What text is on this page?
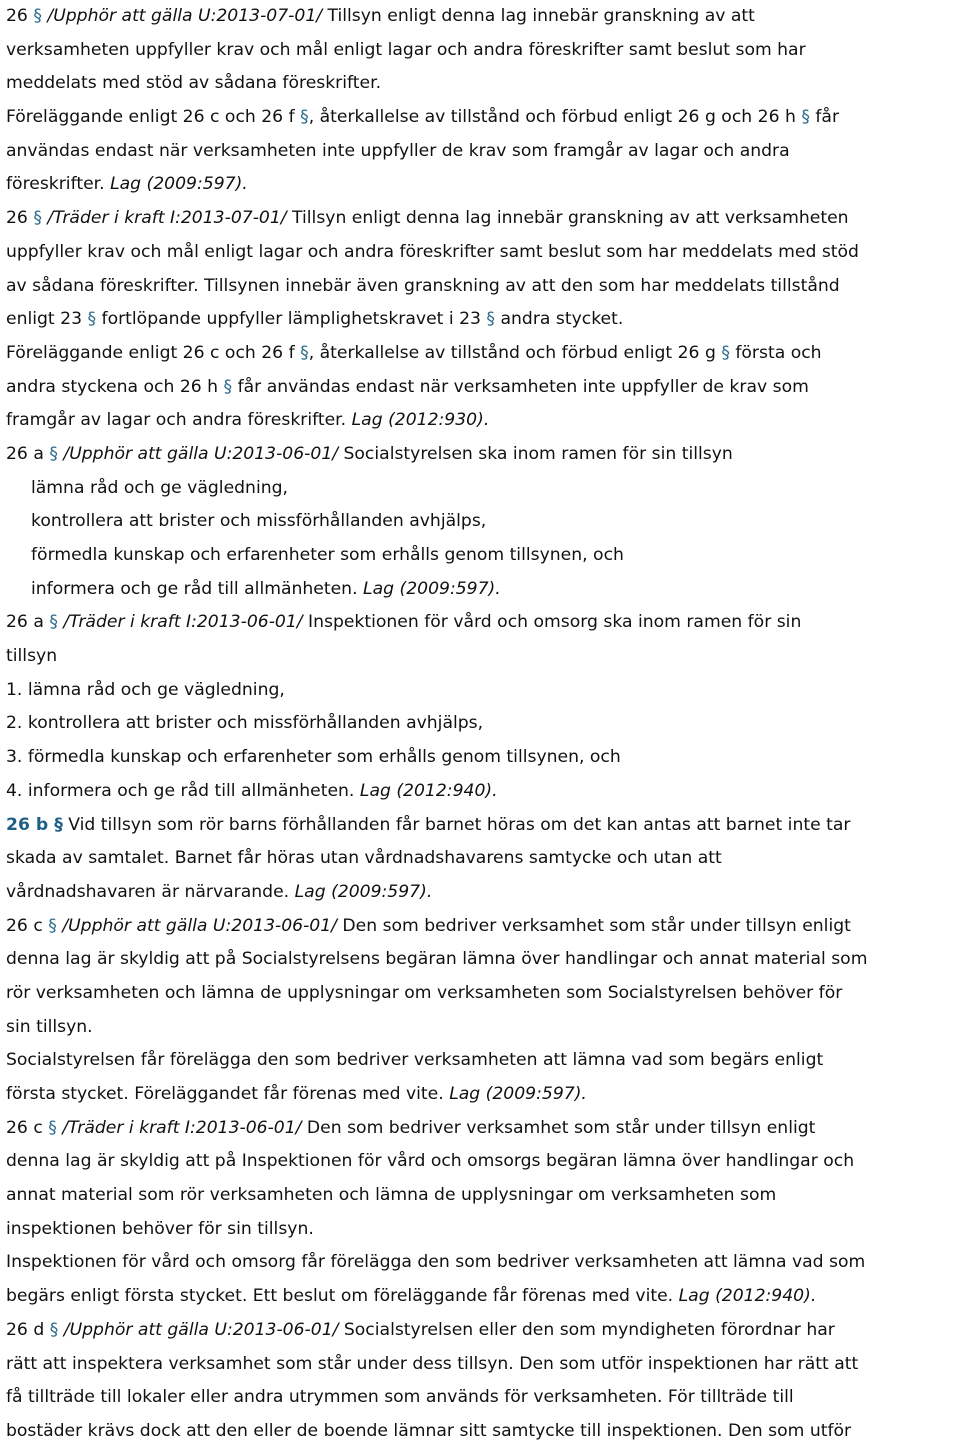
26 § /Upphör att gälla U:2013-07-01/ Tillsyn enligt denna lag innebär granskning av att
verksamheten uppfyller krav och mål enligt lagar och andra föreskrifter samt beslut som har
meddelats med stöd av sådana föreskrifter.
Föreläggande enligt 26 c och 26 f §, återkallelse av tillstånd och förbud enligt 26 g och 26 h § får
användas endast när verksamheten inte uppfyller de krav som framgår av lagar och andra
föreskrifter. Lag (2009:597).
26 § /Träder i kraft I:2013-07-01/ Tillsyn enligt denna lag innebär granskning av att verksamheten
uppfyller krav och mål enligt lagar och andra föreskrifter samt beslut som har meddelats med stöd
av sådana föreskrifter. Tillsynen innebär även granskning av att den som har meddelats tillstånd
enligt 23 § fortlöpande uppfyller lämplighetskravet i 23 § andra stycket.
Föreläggande enligt 26 c och 26 f §, återkallelse av tillstånd och förbud enligt 26 g § första och
andra styckena och 26 h § får användas endast när verksamheten inte uppfyller de krav som
framgår av lagar och andra föreskrifter. Lag (2012:930).
26 a § /Upphör att gälla U:2013-06-01/ Socialstyrelsen ska inom ramen för sin tillsyn
lämna råd och ge vägledning,
kontrollera att brister och missförhållanden avhjälps,
förmedla kunskap och erfarenheter som erhålls genom tillsynen, och
informera och ge råd till allmänheten. Lag (2009:597).
26 a § /Träder i kraft I:2013-06-01/ Inspektionen för vård och omsorg ska inom ramen för sin
tillsyn
1. lämna råd och ge vägledning,
2. kontrollera att brister och missförhållanden avhjälps,
3. förmedla kunskap och erfarenheter som erhålls genom tillsynen, och
4. informera och ge råd till allmänheten. Lag (2012:940).
26 b § Vid tillsyn som rör barns förhållanden får barnet höras om det kan antas att barnet inte tar
skada av samtalet. Barnet får höras utan vårdnadshavarens samtycke och utan att
vårdnadshavaren är närvarande. Lag (2009:597).
26 c § /Upphör att gälla U:2013-06-01/ Den som bedriver verksamhet som står under tillsyn enligt
denna lag är skyldig att på Socialstyrelsens begäran lämna över handlingar och annat material som
rör verksamheten och lämna de upplysningar om verksamheten som Socialstyrelsen behöver för
sin tillsyn.
Socialstyrelsen får förelägga den som bedriver verksamheten att lämna vad som begärs enligt
första stycket. Föreläggandet får förenas med vite. Lag (2009:597).
26 c § /Träder i kraft I:2013-06-01/ Den som bedriver verksamhet som står under tillsyn enligt
denna lag är skyldig att på Inspektionen för vård och omsorgs begäran lämna över handlingar och
annat material som rör verksamheten och lämna de upplysningar om verksamheten som
inspektionen behöver för sin tillsyn.
Inspektionen för vård och omsorg får förelägga den som bedriver verksamheten att lämna vad som
begärs enligt första stycket. Ett beslut om föreläggande får förenas med vite. Lag (2012:940).
26 d § /Upphör att gälla U:2013-06-01/ Socialstyrelsen eller den som myndigheten förordnar har
rätt att inspektera verksamhet som står under dess tillsyn. Den som utför inspektionen har rätt att
få tillträde till lokaler eller andra utrymmen som används för verksamheten. För tillträde till
bostäder krävs dock att den eller de boende lämnar sitt samtycke till inspektionen. Den som utför
